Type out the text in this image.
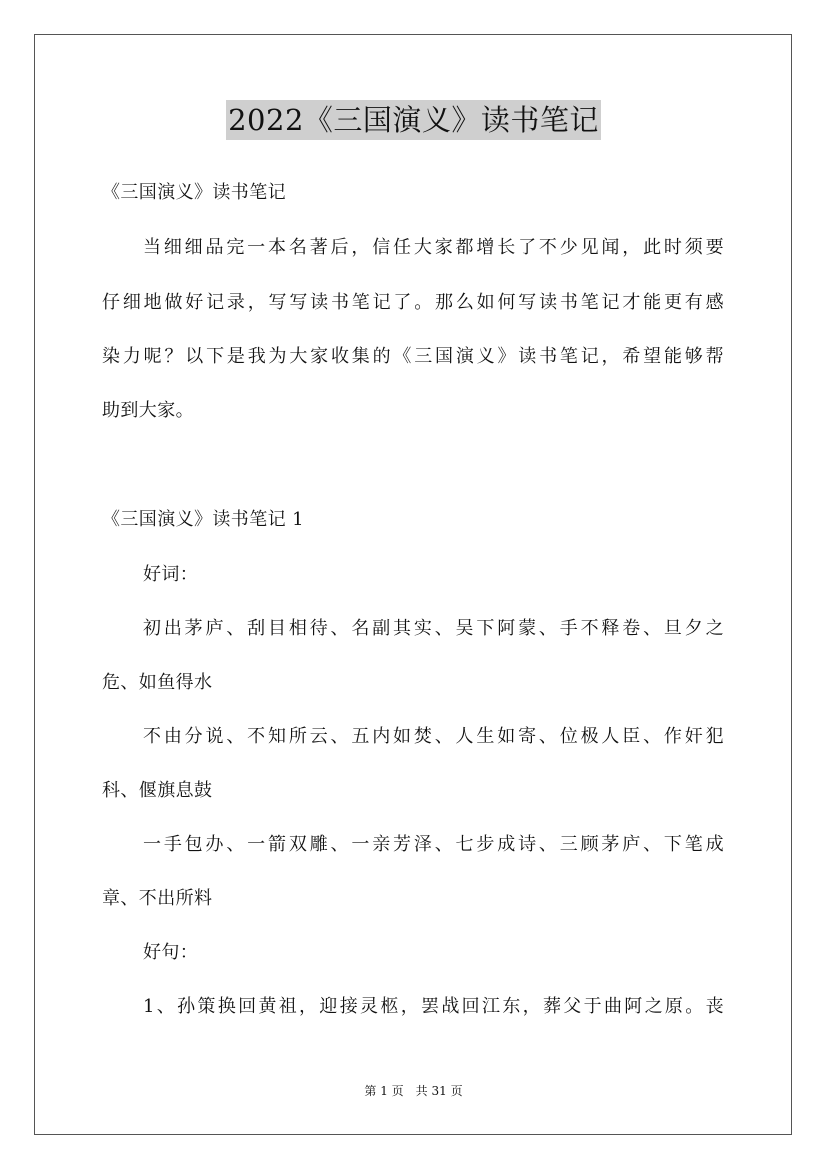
2022《三国演义》读书笔记
《三国演义》读书笔记
当细细品完一本名著后，信任大家都增长了不少见闻，此时须要
仔细地做好记录，写写读书笔记了。那么如何写读书笔记才能更有感
染力呢？以下是我为大家收集的《三国演义》读书笔记，希望能够帮
助到大家。
《三国演义》读书笔记 1
好词：
初出茅庐、刮目相待、名副其实、吴下阿蒙、手不释卷、旦夕之
危、如鱼得水
不由分说、不知所云、五内如焚、人生如寄、位极人臣、作奸犯
科、偃旗息鼓
一手包办、一箭双雕、一亲芳泽、七步成诗、三顾茅庐、下笔成
章、不出所料
好句：
1、孙策换回黄祖，迎接灵柩，罢战回江东，葬父于曲阿之原。丧
第 1 页　共 31 页
